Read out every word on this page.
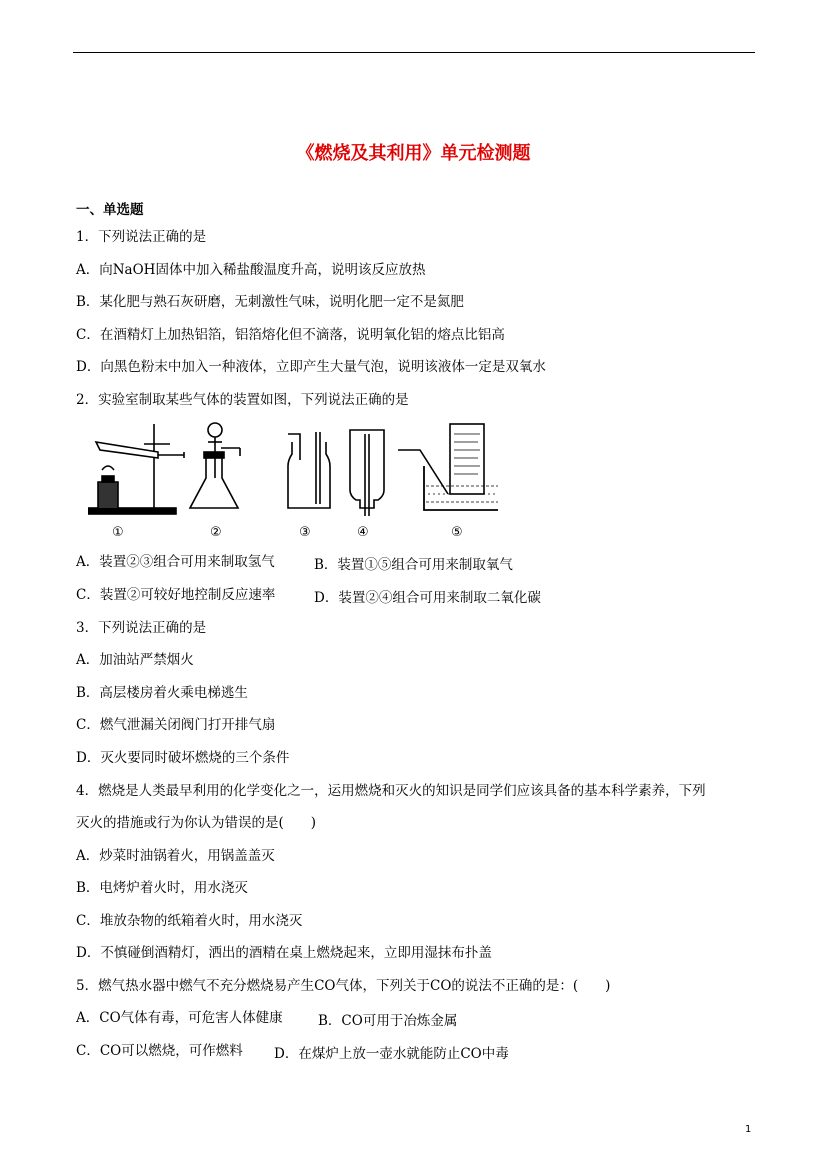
《燃烧及其利用》单元检测题
一、单选题
1．下列说法正确的是
A．向NaOH固体中加入稀盐酸温度升高，说明该反应放热
B．某化肥与熟石灰研磨，无刺激性气味，说明化肥一定不是氮肥
C．在酒精灯上加热铝箔，铝箔熔化但不滴落，说明氧化铝的熔点比铝高
D．向黑色粉末中加入一种液体，立即产生大量气泡，说明该液体一定是双氧水
2．实验室制取某些气体的装置如图，下列说法正确的是
①	②	③	④	⑤
A．装置②③组合可用来制取氢气	B．装置①⑤组合可用来制取氧气
C．装置②可较好地控制反应速率	D．装置②④组合可用来制取二氧化碳
3．下列说法正确的是
A．加油站严禁烟火
B．高层楼房着火乘电梯逃生
C．燃气泄漏关闭阀门打开排气扇
D．灭火要同时破坏燃烧的三个条件
4．燃烧是人类最早利用的化学变化之一，运用燃烧和灭火的知识是同学们应该具备的基本科学素养，下列
灭火的措施或行为你认为错误的是(　　)
A．炒菜时油锅着火，用锅盖盖灭
B．电烤炉着火时，用水浇灭
C．堆放杂物的纸箱着火时，用水浇灭
D．不慎碰倒酒精灯，洒出的酒精在桌上燃烧起来，立即用湿抹布扑盖
5．燃气热水器中燃气不充分燃烧易产生CO气体，下列关于CO的说法不正确的是：(　　)
A．CO气体有毒，可危害人体健康	B．CO可用于冶炼金属
C．CO可以燃烧，可作燃料 D．在煤炉上放一壶水就能防止CO中毒
1
